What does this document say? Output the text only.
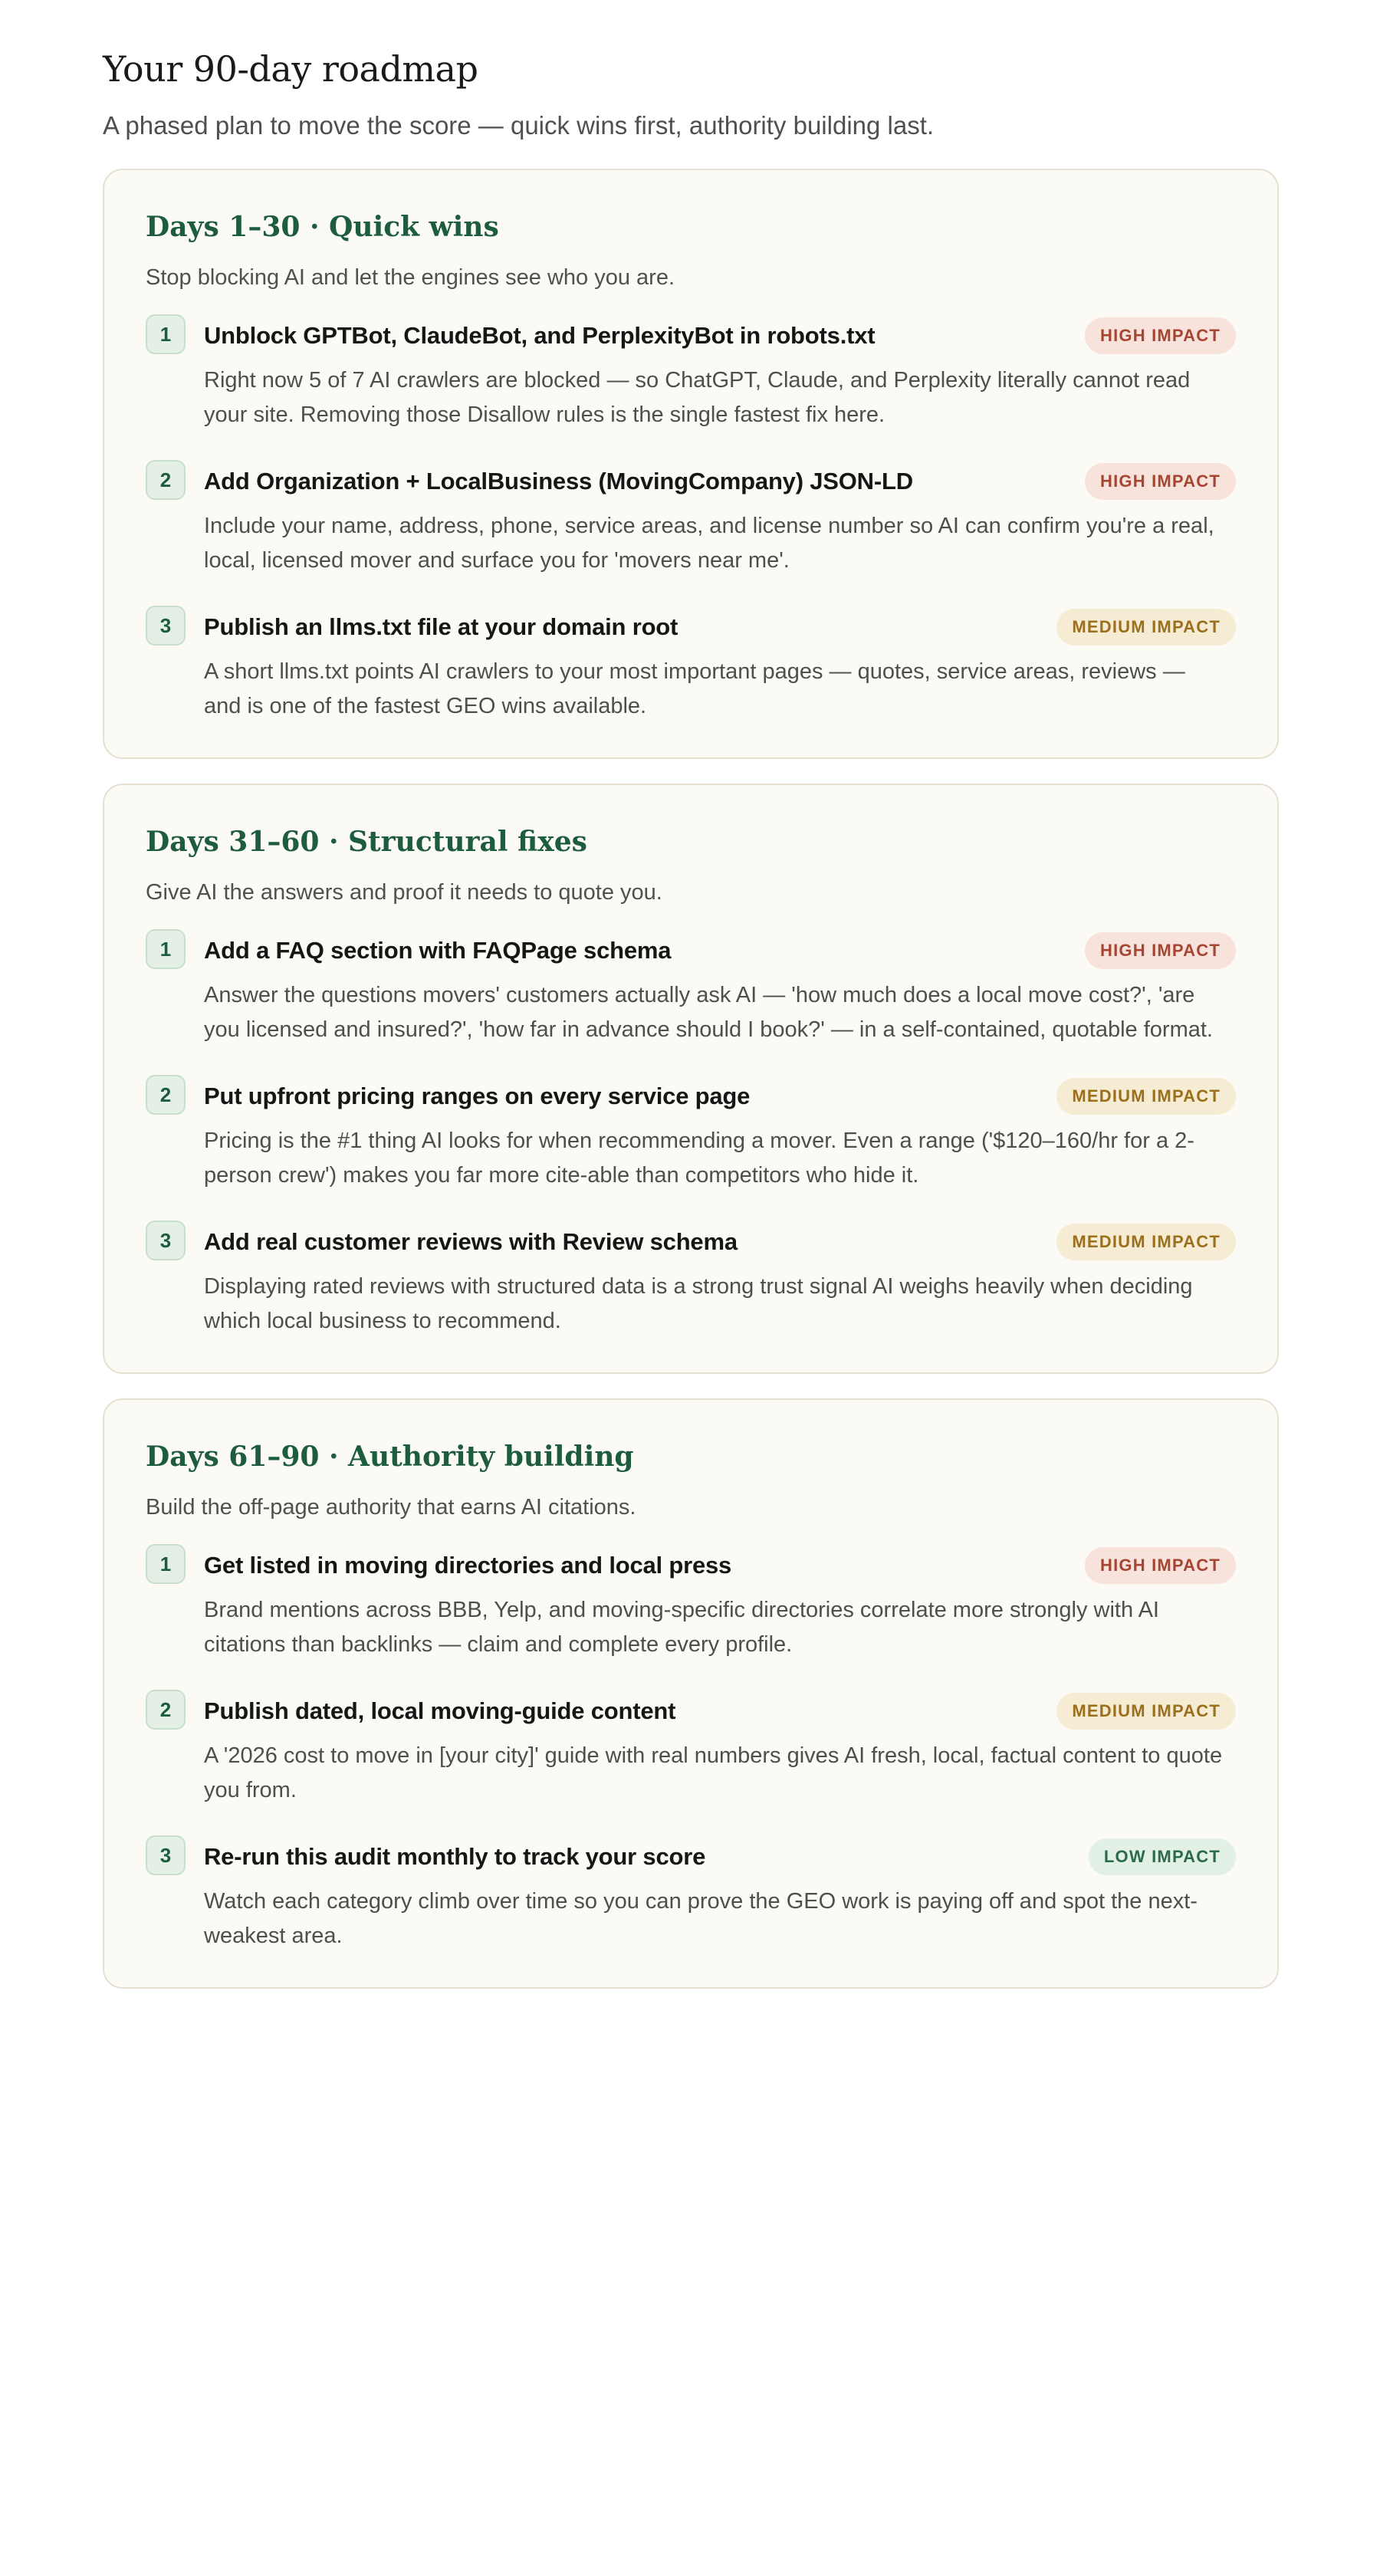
Your 90-day roadmap

A phased plan to move the score — quick wins first, authority building last.

Days 1–30 · Quick wins

Stop blocking AI and let the engines see who you are.

1	Unblock GPTBot, ClaudeBot, and PerplexityBot in robots.txt	HIGH IMPACT

Right now 5 of 7 AI crawlers are blocked — so ChatGPT, Claude, and Perplexity literally cannot read your site. Removing those Disallow rules is the single fastest fix here.

2	Add Organization + LocalBusiness (MovingCompany) JSON-LD	HIGH IMPACT

Include your name, address, phone, service areas, and license number so AI can confirm you're a real, local, licensed mover and surface you for 'movers near me'.

3	Publish an llms.txt file at your domain root	MEDIUM IMPACT

A short llms.txt points AI crawlers to your most important pages — quotes, service areas, reviews — and is one of the fastest GEO wins available.

Days 31–60 · Structural fixes

Give AI the answers and proof it needs to quote you.

1	Add a FAQ section with FAQPage schema	HIGH IMPACT

Answer the questions movers' customers actually ask AI — 'how much does a local move cost?', 'are you licensed and insured?', 'how far in advance should I book?' — in a self-contained, quotable format.

2	Put upfront pricing ranges on every service page	MEDIUM IMPACT

Pricing is the #1 thing AI looks for when recommending a mover. Even a range ('$120–160/hr for a 2-person crew') makes you far more cite-able than competitors who hide it.

3	Add real customer reviews with Review schema	MEDIUM IMPACT

Displaying rated reviews with structured data is a strong trust signal AI weighs heavily when deciding which local business to recommend.

Days 61–90 · Authority building

Build the off-page authority that earns AI citations.

1	Get listed in moving directories and local press	HIGH IMPACT

Brand mentions across BBB, Yelp, and moving-specific directories correlate more strongly with AI citations than backlinks — claim and complete every profile.

2	Publish dated, local moving-guide content	MEDIUM IMPACT

A '2026 cost to move in [your city]' guide with real numbers gives AI fresh, local, factual content to quote you from.

3	Re-run this audit monthly to track your score	LOW IMPACT

Watch each category climb over time so you can prove the GEO work is paying off and spot the next-weakest area.
